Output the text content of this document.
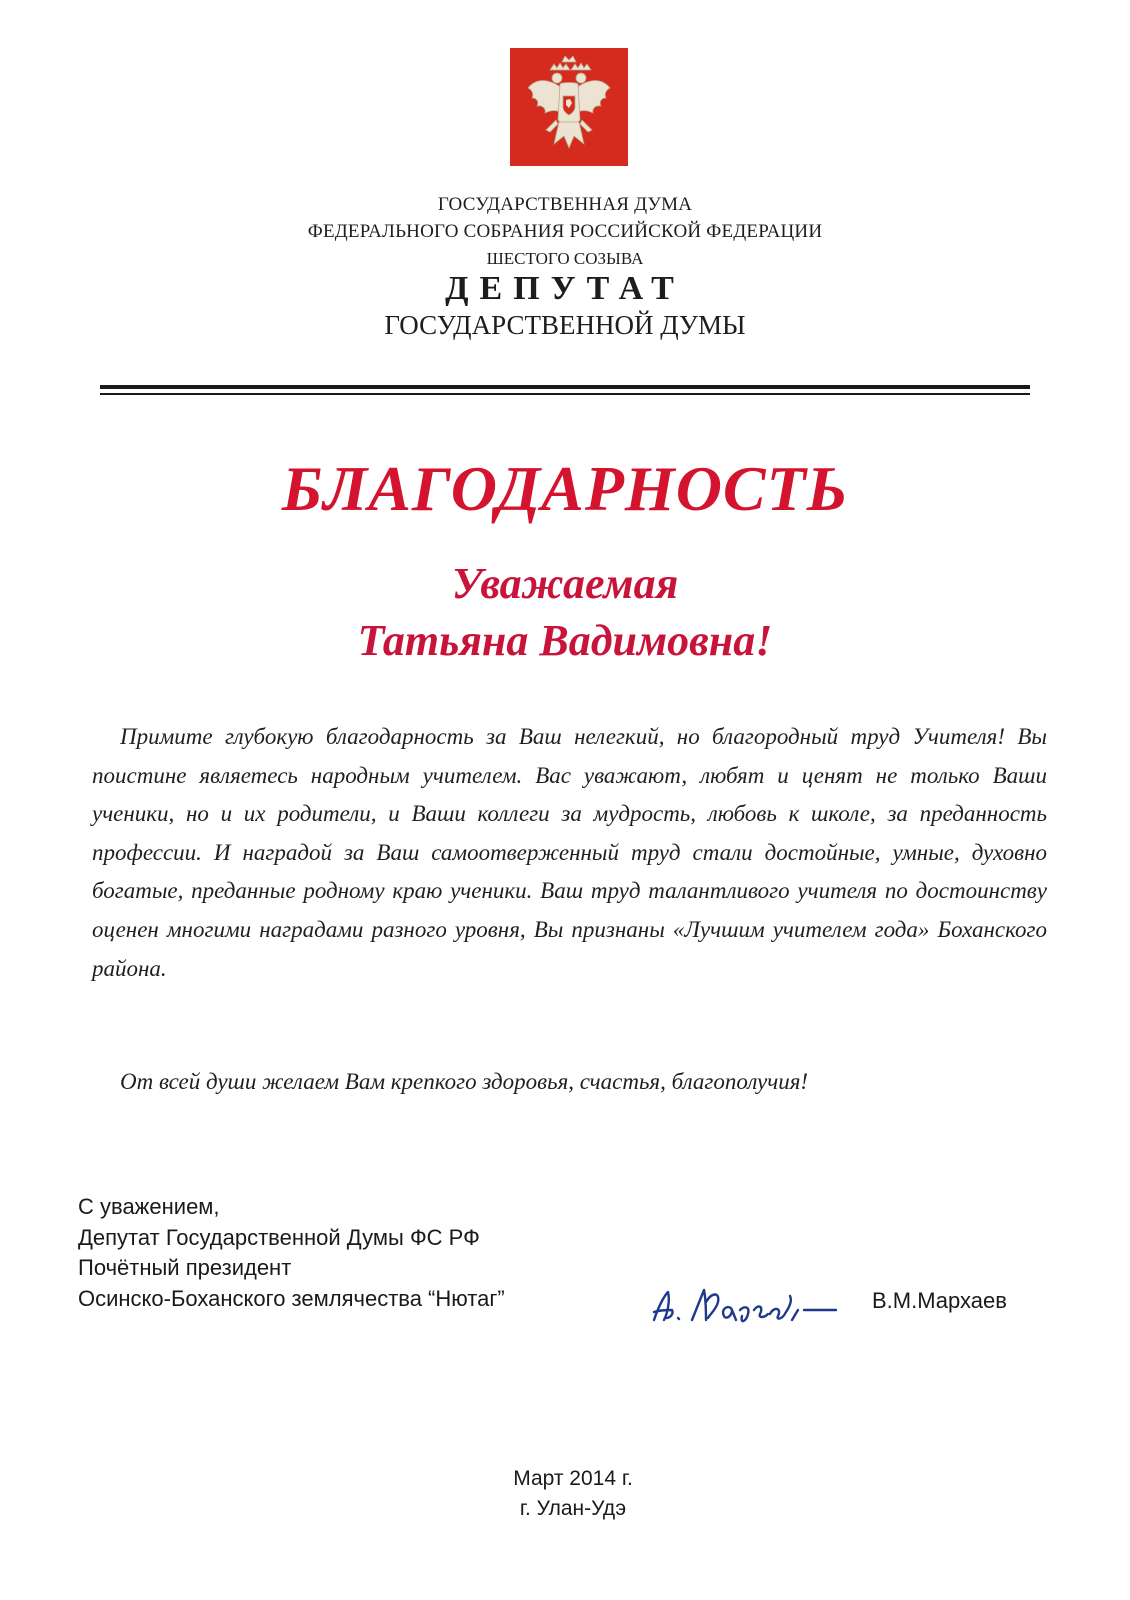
ГОСУДАРСТВЕННАЯ ДУМА
ФЕДЕРАЛЬНОГО СОБРАНИЯ РОССИЙСКОЙ ФЕДЕРАЦИИ
ШЕСТОГО СОЗЫВА
ДЕПУТАТ
ГОСУДАРСТВЕННОЙ ДУМЫ
БЛАГОДАРНОСТЬ
Уважаемая
Татьяна Вадимовна!
Примите глубокую благодарность за Ваш нелегкий, но благородный труд Учителя! Вы поистине являетесь народным учителем. Вас уважают, любят и ценят не только Ваши ученики, но и их родители, и Ваши коллеги за мудрость, любовь к школе, за преданность профессии. И наградой за Ваш самоотверженный труд стали достойные, умные, духовно богатые, преданные родному краю ученики. Ваш труд талантливого учителя по достоинству оценен многими наградами разного уровня, Вы признаны «Лучшим учителем года» Боханского района.
От всей души желаем Вам крепкого здоровья, счастья, благополучия!
С уважением,
Депутат Государственной Думы ФС РФ
Почётный президент
Осинско-Боханского землячества “Нютаг”	В.М.Мархаев
Март 2014 г.
г. Улан-Удэ
